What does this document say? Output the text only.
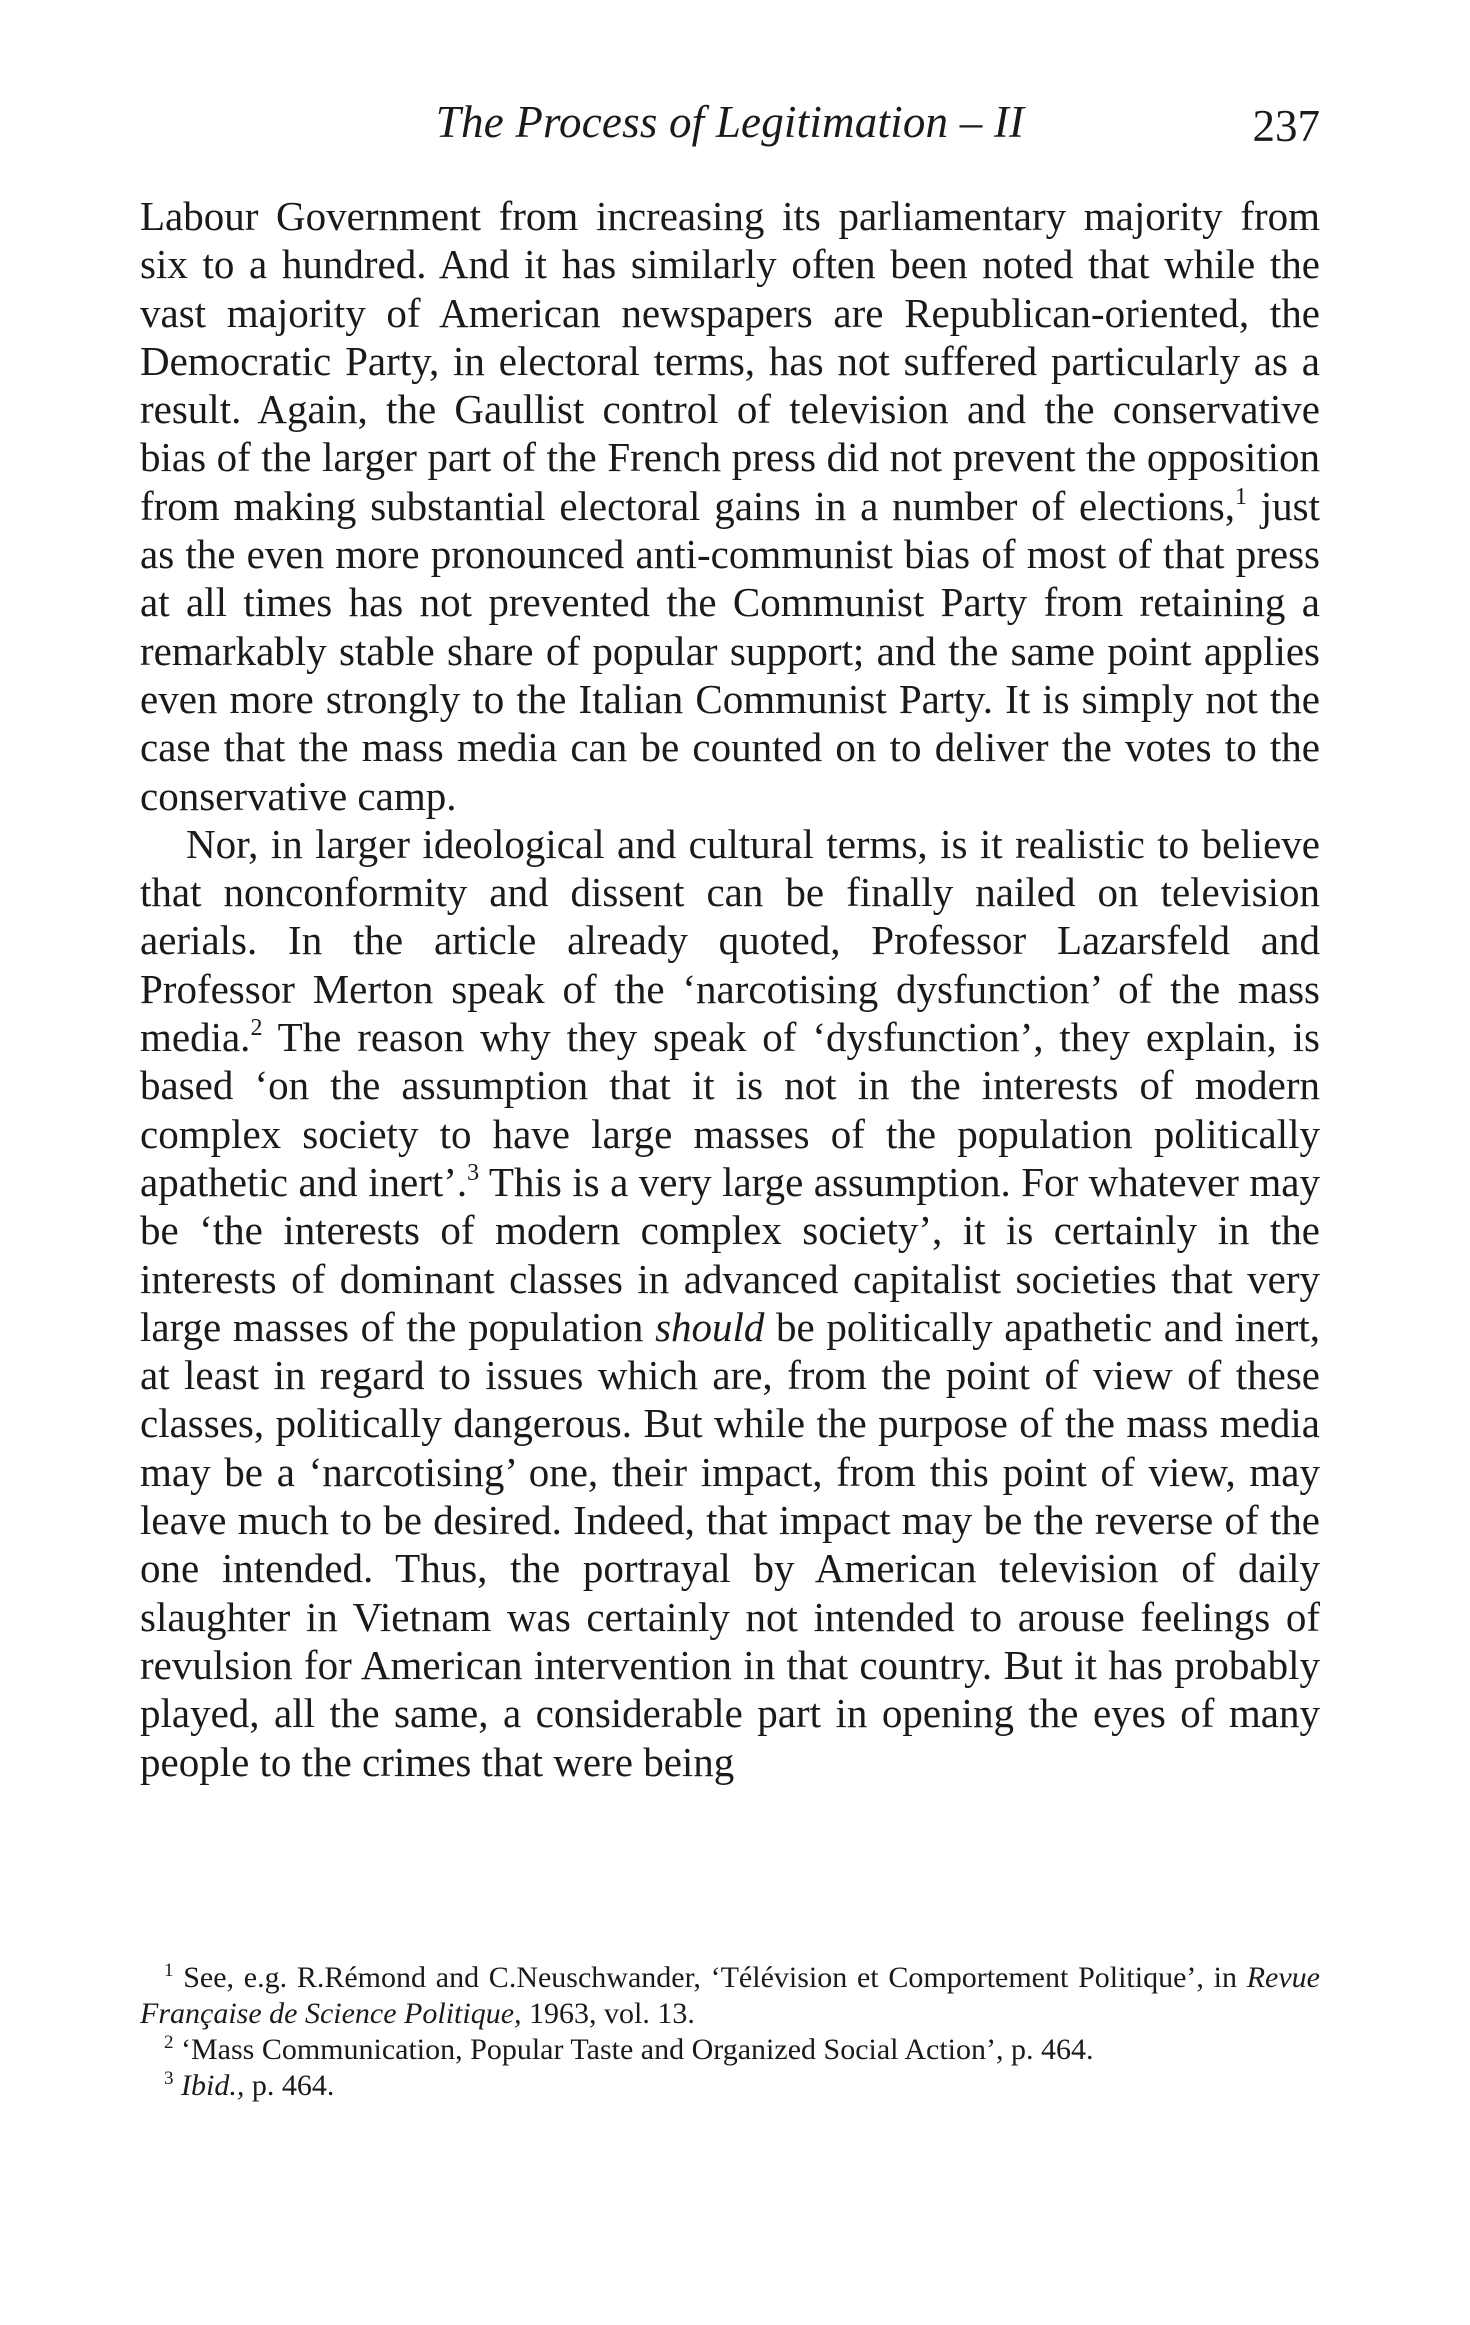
The Process of Legitimation – II	237

Labour Government from increasing its parliamentary majority from six to a hundred. And it has similarly often been noted that while the vast majority of American newspapers are Republican-oriented, the Democratic Party, in electoral terms, has not suffered particularly as a result. Again, the Gaullist control of television and the conservative bias of the larger part of the French press did not prevent the opposition from making substantial electoral gains in a number of elections,$^1$ just as the even more pronounced anti-communist bias of most of that press at all times has not prevented the Communist Party from retaining a remarkably stable share of popular support; and the same point applies even more strongly to the Italian Communist Party. It is simply not the case that the mass media can be counted on to deliver the votes to the conservative camp.

Nor, in larger ideological and cultural terms, is it realistic to believe that nonconformity and dissent can be finally nailed on television aerials. In the article already quoted, Professor Lazarsfeld and Professor Merton speak of the ‘narcotising dysfunction’ of the mass media.$^2$ The reason why they speak of ‘dysfunction’, they explain, is based ‘on the assumption that it is not in the interests of modern complex society to have large masses of the population politically apathetic and inert’.$^3$ This is a very large assumption. For whatever may be ‘the interests of modern complex society’, it is certainly in the interests of dominant classes in advanced capitalist societies that very large masses of the population should be politically apathetic and inert, at least in regard to issues which are, from the point of view of these classes, politically dangerous. But while the purpose of the mass media may be a ‘narcotising’ one, their impact, from this point of view, may leave much to be desired. Indeed, that impact may be the reverse of the one intended. Thus, the portrayal by American television of daily slaughter in Vietnam was certainly not intended to arouse feelings of revulsion for American intervention in that country. But it has probably played, all the same, a considerable part in opening the eyes of many people to the crimes that were being

$^1$ See, e.g. R.Rémond and C.Neuschwander, ‘Télévision et Comportement Politique’, in Revue Française de Science Politique, 1963, vol. 13.

$^2$ ‘Mass Communication, Popular Taste and Organized Social Action’, p. 464.

$^3$ Ibid., p. 464.
